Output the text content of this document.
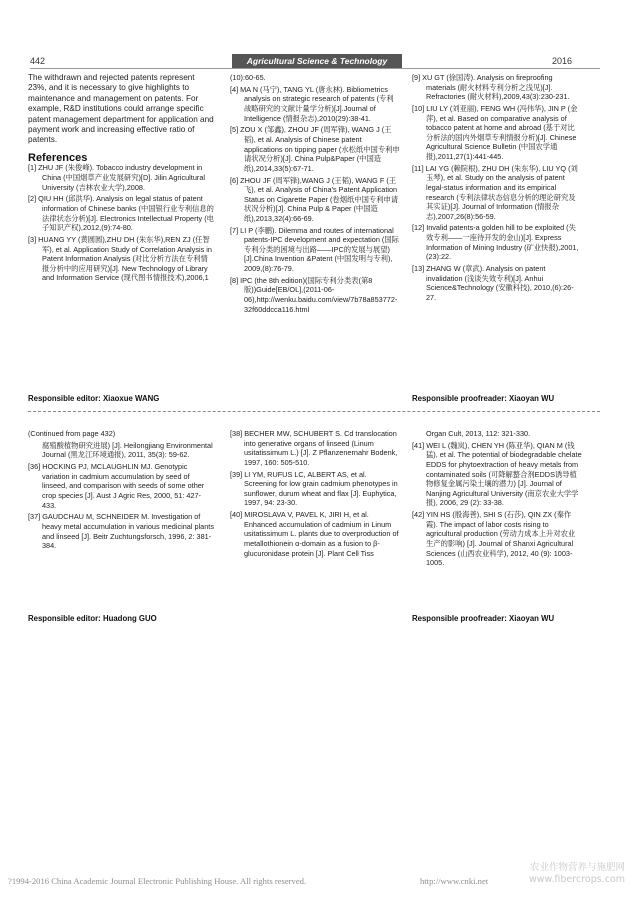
442	Agricultural Science & Technology	2016

The withdrawn and rejected patents represent 23%, and it is necessary to give highlights to maintenance and management on patents. For example, R&D institutions could arrange specific patent management department for application and payment work and increasing effective ratio of patents.

References

[1] ZHU JF (朱俊峰). Tobacco industry development in China (中国烟草产业发展研究)[D]. Jilin Agricultural University (吉林农业大学),2008.

[2] QIU HH (邱洪华). Analysis on legal status of patent information of Chinese banks (中国银行业专利信息的法律状态分析)[J]. Electronics Intellectual Property (电子知识产权),2012,(9):74-80.

[3] HUANG YY (黄圆圆),ZHU DH (朱东华),REN ZJ (任智军), et al. Application Study of Correlation Analysis in Patent Information Analysis (对比分析方法在专利情报分析中的应用研究)[J]. New Technology of Library and Information Service (现代图书情报技术),2006,1

(10):60-65.

[4] MA N (马宁), TANG YL (唐永林). Bibliometrics analysis on strategic research of patents (专利战略研究的文献计量学分析)[J].Journal of Intelligence (情报杂志),2010(29):38-41.

[5] ZOU X (邹鑫), ZHOU JF (周军锋), WANG J (王韬), et al. Analysis of Chinese patent applications on tipping paper (水松纸中国专利申请状况分析)[J]. China Pulp&Paper (中国造纸),2014,33(5):67-71.

[6] ZHOU JF (周军锋),WANG J (王韬), WANG F (王飞), et al. Analysis of China's Patent Application Status on Cigarette Paper (卷烟纸中国专利申请状况分析)[J]. China Pulp & Paper (中国造纸),2013,32(4):66-69.

[7] LI P (李鹏). Dilemma and routes of international patents-IPC development and expectation (国际专利分类的困境与出路——IPC的发展与展望)[J].China Invention &Patent (中国发明与专利), 2009,(8):76-79.

[8] IPC (the 8th edition)(国际专利分类表(第8版))Guide[EB/OL],(2011-06-06),http://wenku.baidu.com/view/7b78a853772-32f60ddcca116.html

[9] XU GT (徐国涛). Analysis on fireproofing materials (耐火材料专利分析之浅见)[J]. Refractories (耐火材料),2009,43(3):230-231.

[10] LIU LY (刘亚丽), FENG WH (冯伟华), JIN P (金萍), et al. Based on comparative analysis of tobacco patent at home and abroad (基于对比分析法的国内外烟草专利情报分析)[J]. Chinese Agricultural Science Bulletin (中国农学通报),2011,27(1):441-445.

[11] LAI YG (赖院根), ZHU DH (朱东华), LIU YQ (刘玉琴), et al. Study on the analysis of patent legal-status information and its empirical research (专利法律状态信息分析的理论研究及其实证)[J]. Journal of Information (情报杂志),2007,26(8):56-59.

[12] Invalid patents-a golden hill to be exploited (失效专利——一座待开发的金山)[J]. Express Information of Mining Industry (矿业快报),2001,(23):22.

[13] ZHANG W (章武). Analysis on patent invalidation (浅谈失效专利)[J]. Anhui Science&Technology (安徽科技), 2010,(6):26-27.

Responsible editor: Xiaoxue WANG	Responsible proofreader: Xiaoyan WU

(Continued from page 432)

腐殖酸植物研究进展) [J]. Heilongjiang Environmental Journal (黑龙江环境通报), 2011, 35(3): 59-62.

[36] HOCKING PJ, MCLAUGHLIN MJ. Genotypic variation in cadmium accumulation by seed of linseed, and comparison with seeds of some other crop species [J]. Aust J Agric Res, 2000, 51: 427-433.

[37] GAUDCHAU M, SCHNEIDER M. Investigation of heavy metal accumulation in various medicinal plants and linseed [J]. Beitr Zuchtungsforsch, 1996, 2: 381-384.

[38] BECHER MW, SCHUBERT S. Cd translocation into generative organs of linseed (Linum usitatissimum L.) [J]. Z Pflanzenernahr Bodenk, 1997, 160: 505-510.

[39] LI YM, RUFUS LC, ALBERT AS, et al. Screening for low grain cadmium phenotypes in sunflower, durum wheat and flax [J]. Euphytica, 1997, 94: 23-30.

[40] MIROSLAVA V, PAVEL K, JIRI H, et al. Enhanced accumulation of cadmium in Linum usitatissimum L. plants due to overproduction of metallothionein α-domain as a fusion to β-glucuronidase protein [J]. Plant Cell Tiss

Organ Cult, 2013, 112: 321-330.

[41] WEI L (魏岚), CHEN YH (陈亚华), QIAN M (钱猛), et al. The potential of biodegradable chelate EDDS for phytoextraction of heavy metals from contaminated soils (可降解螯合剂EDDS诱导植物修复金属污染土壤的潜力) [J]. Journal of Nanjing Agricultural University (南京农业大学学报), 2006, 29 (2): 33-38.

[42] YIN HS (殷海善), SHI S (石莎), QIN ZX (秦作霞). The impact of labor costs rising to agricultural production (劳动力成本上升对农业生产的影响) [J]. Journal of Shanxi Agricultural Sciences (山西农业科学), 2012, 40 (9): 1003-1005.

Responsible editor: Huadong GUO	Responsible proofreader: Xiaoyan WU
?1994-2016 China Academic Journal Electronic Publishing House. All rights reserved.	http://www.cnki.net
农业作物营养与施肥网
www.fibercrops.com
